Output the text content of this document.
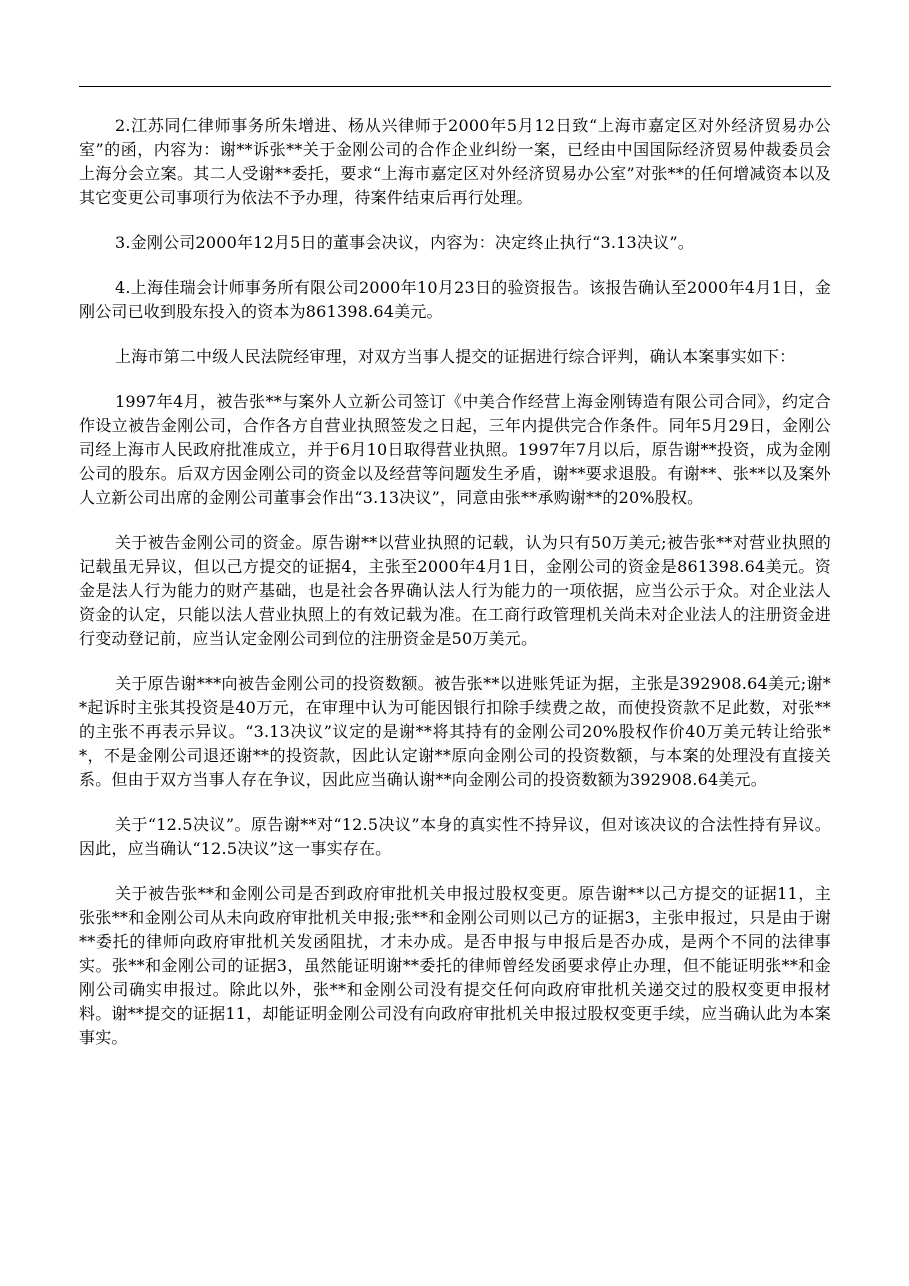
2.江苏同仁律师事务所朱增进、杨从兴律师于2000年5月12日致“上海市嘉定区对外经济贸易办公室”的函，内容为：谢**诉张**关于金刚公司的合作企业纠纷一案，已经由中国国际经济贸易仲裁委员会上海分会立案。其二人受谢**委托，要求“上海市嘉定区对外经济贸易办公室”对张**的任何增减资本以及其它变更公司事项行为依法不予办理，待案件结束后再行处理。

3.金刚公司2000年12月5日的董事会决议，内容为：决定终止执行“3.13决议”。

4.上海佳瑞会计师事务所有限公司2000年10月23日的验资报告。该报告确认至2000年4月1日，金刚公司已收到股东投入的资本为861398.64美元。

上海市第二中级人民法院经审理，对双方当事人提交的证据进行综合评判，确认本案事实如下：

1997年4月，被告张**与案外人立新公司签订《中美合作经营上海金刚铸造有限公司合同》，约定合作设立被告金刚公司，合作各方自营业执照签发之日起，三年内提供完合作条件。同年5月29日，金刚公司经上海市人民政府批准成立，并于6月10日取得营业执照。1997年7月以后，原告谢**投资，成为金刚公司的股东。后双方因金刚公司的资金以及经营等问题发生矛盾，谢**要求退股。有谢**、张**以及案外人立新公司出席的金刚公司董事会作出“3.13决议”，同意由张**承购谢**的20%股权。

关于被告金刚公司的资金。原告谢**以营业执照的记载，认为只有50万美元;被告张**对营业执照的记载虽无异议，但以己方提交的证据4，主张至2000年4月1日，金刚公司的资金是861398.64美元。资金是法人行为能力的财产基础，也是社会各界确认法人行为能力的一项依据，应当公示于众。对企业法人资金的认定，只能以法人营业执照上的有效记载为准。在工商行政管理机关尚未对企业法人的注册资金进行变动登记前，应当认定金刚公司到位的注册资金是50万美元。

关于原告谢***向被告金刚公司的投资数额。被告张**以进账凭证为据，主张是392908.64美元;谢**起诉时主张其投资是40万元，在审理中认为可能因银行扣除手续费之故，而使投资款不足此数，对张**的主张不再表示异议。“3.13决议”议定的是谢**将其持有的金刚公司20%股权作价40万美元转让给张**，不是金刚公司退还谢**的投资款，因此认定谢**原向金刚公司的投资数额，与本案的处理没有直接关系。但由于双方当事人存在争议，因此应当确认谢**向金刚公司的投资数额为392908.64美元。

关于“12.5决议”。原告谢**对“12.5决议”本身的真实性不持异议，但对该决议的合法性持有异议。因此，应当确认“12.5决议”这一事实存在。

关于被告张**和金刚公司是否到政府审批机关申报过股权变更。原告谢**以己方提交的证据11，主张张**和金刚公司从未向政府审批机关申报;张**和金刚公司则以己方的证据3，主张申报过，只是由于谢**委托的律师向政府审批机关发函阻扰，才未办成。是否申报与申报后是否办成，是两个不同的法律事实。张**和金刚公司的证据3，虽然能证明谢**委托的律师曾经发函要求停止办理，但不能证明张**和金刚公司确实申报过。除此以外，张**和金刚公司没有提交任何向政府审批机关递交过的股权变更申报材料。谢**提交的证据11，却能证明金刚公司没有向政府审批机关申报过股权变更手续，应当确认此为本案事实。
